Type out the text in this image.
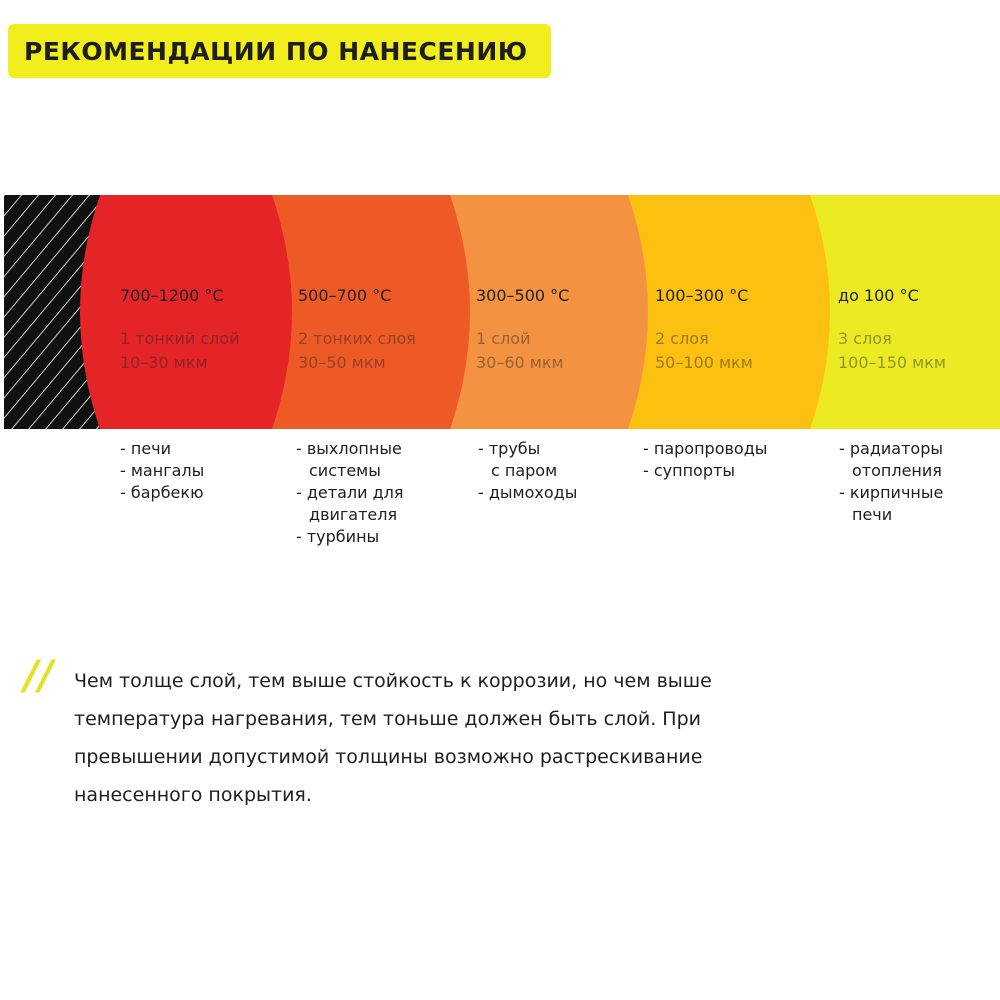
РЕКОМЕНДАЦИИ ПО НАНЕСЕНИЮ
700–1200 °C
1 тонкий слой
10–30 мкм
500–700 °C
2 тонких слоя
30–50 мкм
300–500 °C
1 слой
30–60 мкм
100–300 °C
2 слоя
50–100 мкм
до 100 °C
3 слоя
100–150 мкм
- печи
- мангалы
- барбекю
- выхлопные
системы
- детали для
двигателя
- турбины
- трубы
с паром
- дымоходы
- паропроводы
- суппорты
- радиаторы
отопления
- кирпичные
печи
// Чем толще слой, тем выше стойкость к коррозии, но чем выше
температура нагревания, тем тоньше должен быть слой. При
превышении допустимой толщины возможно растрескивание
нанесенного покрытия.
